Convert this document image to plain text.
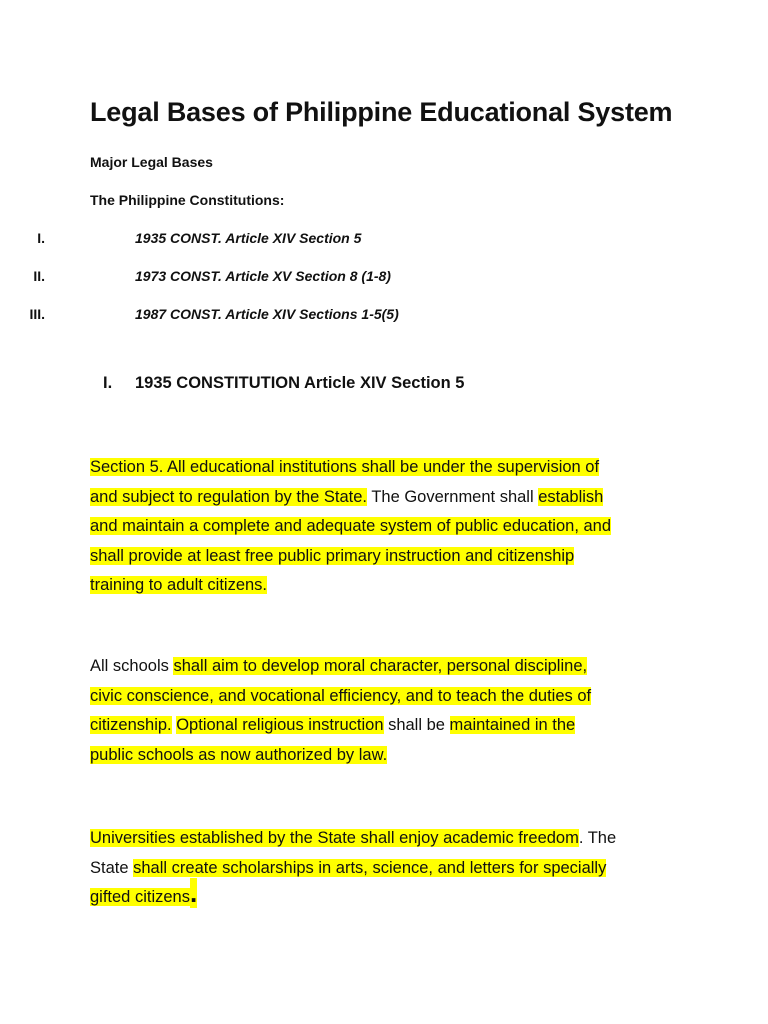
Legal Bases of Philippine Educational System
Major Legal Bases
The Philippine Constitutions:
I.	1935 CONST. Article XIV Section 5
II.	1973 CONST. Article XV Section 8 (1-8)
III.	1987 CONST. Article XIV Sections 1-5(5)
I. 1935 CONSTITUTION Article XIV Section 5
Section 5. All educational institutions shall be under the supervision of
and subject to regulation by the State. The Government shall establish
and maintain a complete and adequate system of public education, and
shall provide at least free public primary instruction and citizenship
training to adult citizens.
All schools shall aim to develop moral character, personal discipline,
civic conscience, and vocational efficiency, and to teach the duties of
citizenship. Optional religious instruction shall be maintained in the
public schools as now authorized by law.
Universities established by the State shall enjoy academic freedom. The
State shall create scholarships in arts, science, and letters for specially
gifted citizens.
